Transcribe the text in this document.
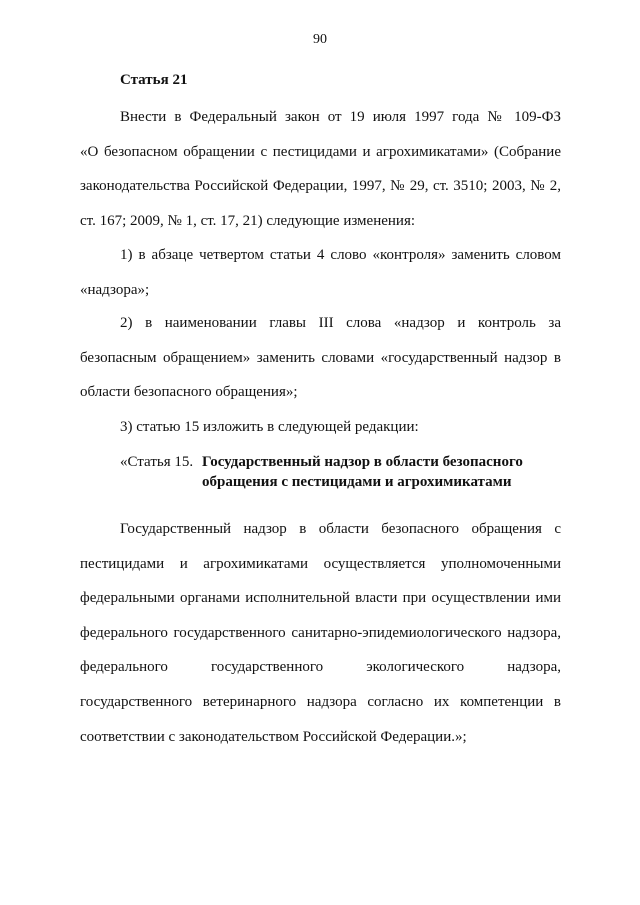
90
Статья 21
Внести в Федеральный закон от 19 июля 1997 года № 109-ФЗ
«О безопасном обращении с пестицидами и агрохимикатами» (Собрание
законодательства Российской Федерации, 1997, № 29, ст. 3510; 2003, № 2,
ст. 167; 2009, № 1, ст. 17, 21) следующие изменения:
1) в абзаце четвертом статьи 4 слово «контроля» заменить словом
«надзора»;
2) в наименовании главы III слова «надзор и контроль за
безопасным обращением» заменить словами «государственный надзор в
области безопасного обращения»;
3) статью 15 изложить в следующей редакции:
«Статья 15. Государственный надзор в области безопасного
обращения с пестицидами и агрохимикатами
Государственный надзор в области безопасного обращения с
пестицидами и агрохимикатами осуществляется уполномоченными
федеральными органами исполнительной власти при осуществлении ими
федерального государственного санитарно-эпидемиологического надзора,
федерального государственного экологического надзора,
государственного ветеринарного надзора согласно их компетенции в
соответствии с законодательством Российской Федерации.»;
